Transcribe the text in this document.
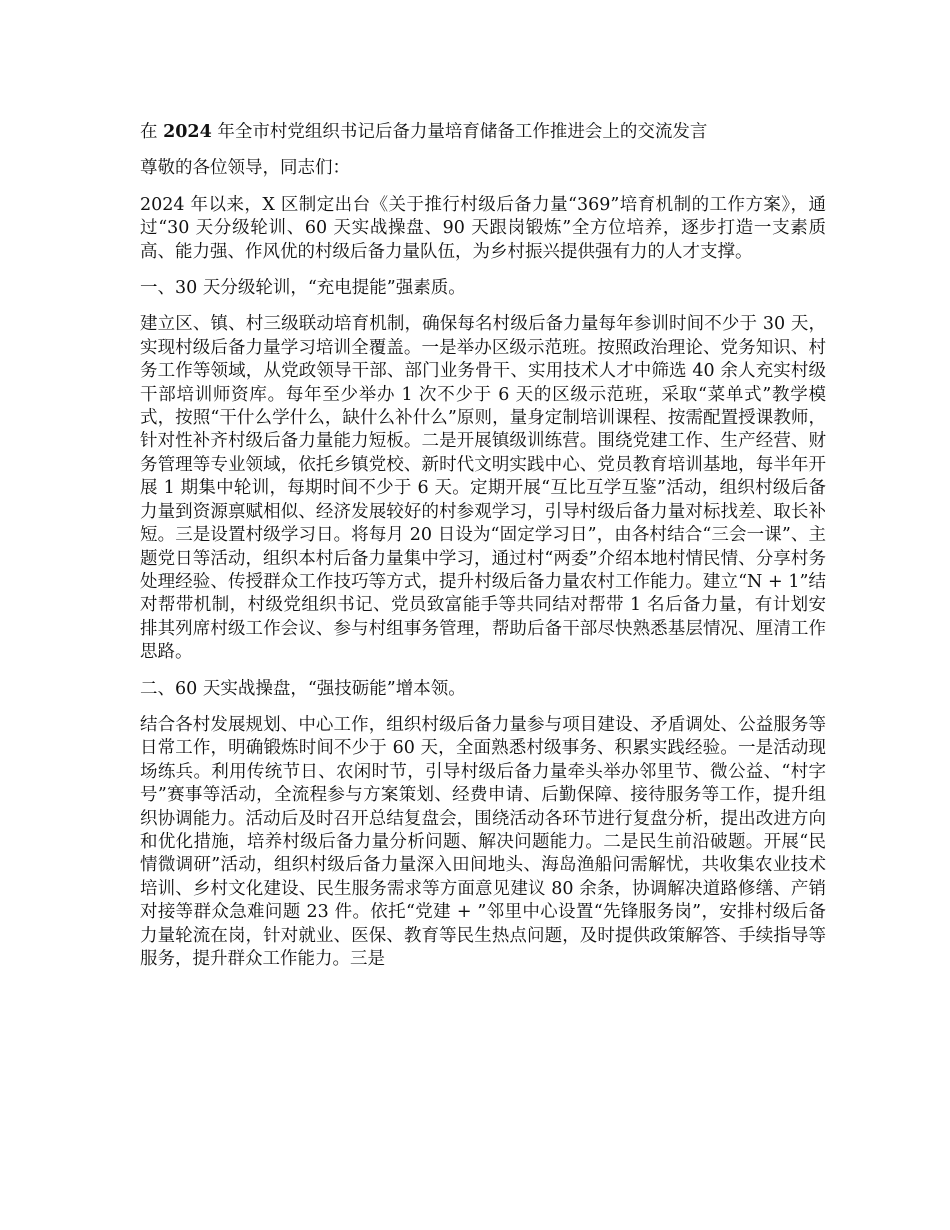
在 2024 年全市村党组织书记后备力量培育储备工作推进会上的交流发言

尊敬的各位领导，同志们：

2024 年以来，X 区制定出台《关于推行村级后备力量“369”培育机制的工作方案》，通过“30 天分级轮训、60 天实战操盘、90 天跟岗锻炼”全方位培养，逐步打造一支素质高、能力强、作风优的村级后备力量队伍，为乡村振兴提供强有力的人才支撑。

一、30 天分级轮训，“充电提能”强素质。

建立区、镇、村三级联动培育机制，确保每名村级后备力量每年参训时间不少于 30 天，实现村级后备力量学习培训全覆盖。一是举办区级示范班。按照政治理论、党务知识、村务工作等领域，从党政领导干部、部门业务骨干、实用技术人才中筛选 40 余人充实村级干部培训师资库。每年至少举办 1 次不少于 6 天的区级示范班，采取“菜单式”教学模式，按照“干什么学什么，缺什么补什么”原则，量身定制培训课程、按需配置授课教师，针对性补齐村级后备力量能力短板。二是开展镇级训练营。围绕党建工作、生产经营、财务管理等专业领域，依托乡镇党校、新时代文明实践中心、党员教育培训基地，每半年开展 1 期集中轮训，每期时间不少于 6 天。定期开展“互比互学互鉴”活动，组织村级后备力量到资源禀赋相似、经济发展较好的村参观学习，引导村级后备力量对标找差、取长补短。三是设置村级学习日。将每月 20 日设为“固定学习日”，由各村结合“三会一课”、主题党日等活动，组织本村后备力量集中学习，通过村“两委”介绍本地村情民情、分享村务处理经验、传授群众工作技巧等方式，提升村级后备力量农村工作能力。建立“N + 1”结对帮带机制，村级党组织书记、党员致富能手等共同结对帮带 1 名后备力量，有计划安排其列席村级工作会议、参与村组事务管理，帮助后备干部尽快熟悉基层情况、厘清工作思路。

二、60 天实战操盘，“强技砺能”增本领。

结合各村发展规划、中心工作，组织村级后备力量参与项目建设、矛盾调处、公益服务等日常工作，明确锻炼时间不少于 60 天，全面熟悉村级事务、积累实践经验。一是活动现场练兵。利用传统节日、农闲时节，引导村级后备力量牵头举办邻里节、微公益、“村字号”赛事等活动，全流程参与方案策划、经费申请、后勤保障、接待服务等工作，提升组织协调能力。活动后及时召开总结复盘会，围绕活动各环节进行复盘分析，提出改进方向和优化措施，培养村级后备力量分析问题、解决问题能力。二是民生前沿破题。开展“民情微调研”活动，组织村级后备力量深入田间地头、海岛渔船问需解忧，共收集农业技术培训、乡村文化建设、民生服务需求等方面意见建议 80 余条，协调解决道路修缮、产销对接等群众急难问题 23 件。依托“党建 + ”邻里中心设置“先锋服务岗”，安排村级后备力量轮流在岗，针对就业、医保、教育等民生热点问题，及时提供政策解答、手续指导等服务，提升群众工作能力。三是
